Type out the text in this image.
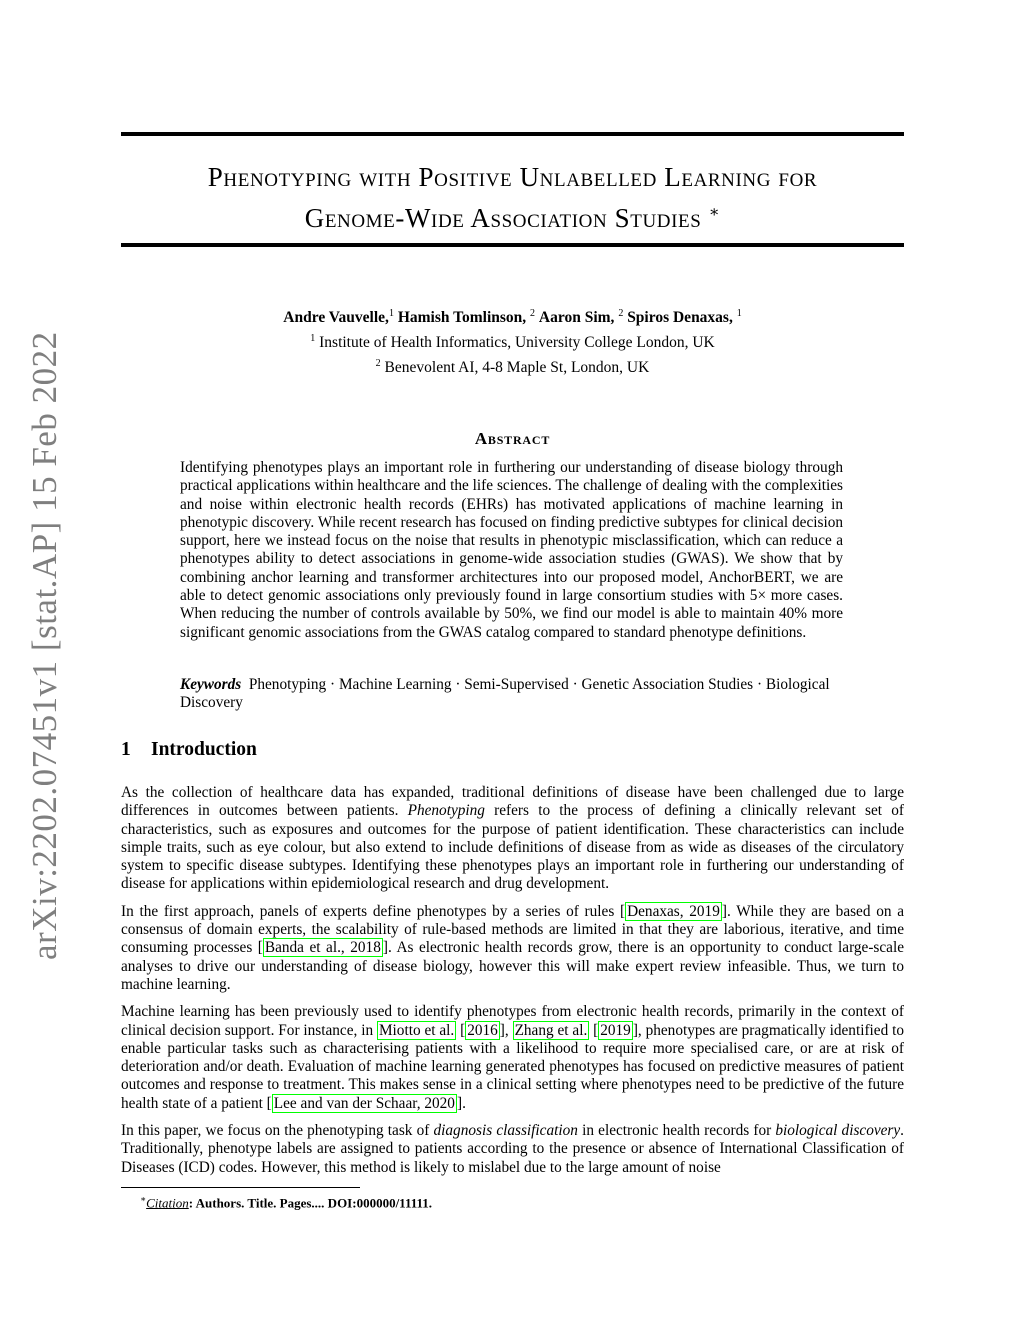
arXiv:2202.07451v1 [stat.AP] 15 Feb 2022
Phenotyping with Positive Unlabelled Learning for
Genome-Wide Association Studies ∗
Andre Vauvelle,$^1$ Hamish Tomlinson, $^2$ Aaron Sim, $^2$ Spiros Denaxas, $^1$
$^1$ Institute of Health Informatics, University College London, UK
$^2$ Benevolent AI, 4-8 Maple St, London, UK
Abstract
Identifying phenotypes plays an important role in furthering our understanding of disease biology through practical applications within healthcare and the life sciences. The challenge of dealing with the complexities and noise within electronic health records (EHRs) has motivated applications of machine learning in phenotypic discovery. While recent research has focused on finding predictive subtypes for clinical decision support, here we instead focus on the noise that results in phenotypic misclassification, which can reduce a phenotypes ability to detect associations in genome-wide association studies (GWAS). We show that by combining anchor learning and transformer architectures into our proposed model, AnchorBERT, we are able to detect genomic associations only previously found in large consortium studies with 5× more cases. When reducing the number of controls available by 50%, we find our model is able to maintain 40% more significant genomic associations from the GWAS catalog compared to standard phenotype definitions.
Keywords Phenotyping · Machine Learning · Semi-Supervised · Genetic Association Studies · Biological Discovery
1 Introduction

As the collection of healthcare data has expanded, traditional definitions of disease have been challenged due to large differences in outcomes between patients. Phenotyping refers to the process of defining a clinically relevant set of characteristics, such as exposures and outcomes for the purpose of patient identification. These characteristics can include simple traits, such as eye colour, but also extend to include definitions of disease from as wide as diseases of the circulatory system to specific disease subtypes. Identifying these phenotypes plays an important role in furthering our understanding of disease for applications within epidemiological research and drug development.

In the first approach, panels of experts define phenotypes by a series of rules [ Denaxas, 2019 ]. While they are based on a consensus of domain experts, the scalability of rule-based methods are limited in that they are laborious, iterative, and time consuming processes [ Banda et al., 2018 ]. As electronic health records grow, there is an opportunity to conduct large-scale analyses to drive our understanding of disease biology, however this will make expert review infeasible. Thus, we turn to machine learning.

Machine learning has been previously used to identify phenotypes from electronic health records, primarily in the context of clinical decision support. For instance, in Miotto et al. [ 2016 ], Zhang et al. [ 2019 ], phenotypes are pragmatically identified to enable particular tasks such as characterising patients with a likelihood to require more specialised care, or are at risk of deterioration and/or death. Evaluation of machine learning generated phenotypes has focused on predictive measures of patient outcomes and response to treatment. This makes sense in a clinical setting where phenotypes need to be predictive of the future health state of a patient [ Lee and van der Schaar, 2020 ].

In this paper, we focus on the phenotyping task of diagnosis classification in electronic health records for biological discovery. Traditionally, phenotype labels are assigned to patients according to the presence or absence of International Classification of Diseases (ICD) codes. However, this method is likely to mislabel due to the large amount of noise

∗Citation: Authors. Title. Pages.... DOI:000000/11111.
